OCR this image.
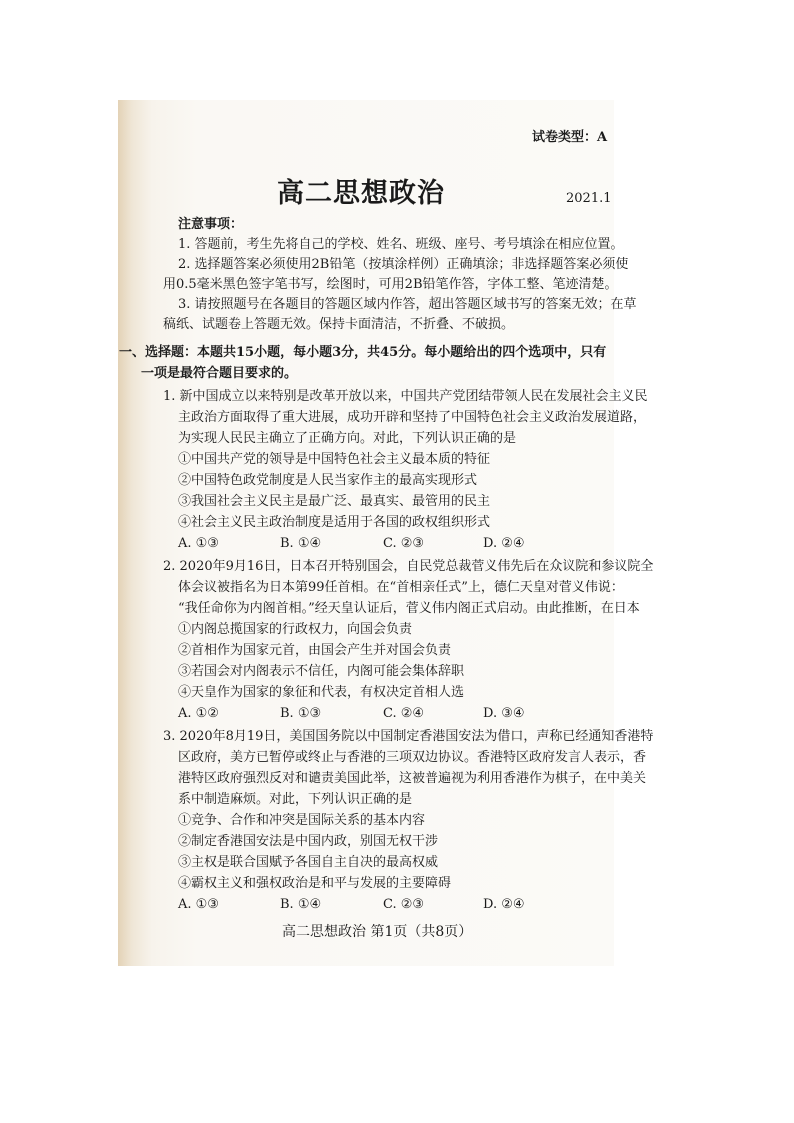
试卷类型：A
高二思想政治	2021.1
注意事项：
1. 答题前，考生先将自己的学校、姓名、班级、座号、考号填涂在相应位置。
2. 选择题答案必须使用2B铅笔（按填涂样例）正确填涂；非选择题答案必须使
用0.5毫米黑色签字笔书写，绘图时，可用2B铅笔作答，字体工整、笔迹清楚。
3. 请按照题号在各题目的答题区域内作答，超出答题区域书写的答案无效；在草
稿纸、试题卷上答题无效。保持卡面清洁，不折叠、不破损。
一、选择题：本题共15小题，每小题3分，共45分。每小题给出的四个选项中，只有
一项是最符合题目要求的。
1. 新中国成立以来特别是改革开放以来，中国共产党团结带领人民在发展社会主义民
主政治方面取得了重大进展，成功开辟和坚持了中国特色社会主义政治发展道路，
为实现人民民主确立了正确方向。对此，下列认识正确的是
①中国共产党的领导是中国特色社会主义最本质的特征
②中国特色政党制度是人民当家作主的最高实现形式
③我国社会主义民主是最广泛、最真实、最管用的民主
④社会主义民主政治制度是适用于各国的政权组织形式
A. ①③	B. ①④	C. ②③	D. ②④
2. 2020年9月16日，日本召开特别国会，自民党总裁菅义伟先后在众议院和参议院全
体会议被指名为日本第99任首相。在“首相亲任式”上，德仁天皇对菅义伟说：
“我任命你为内阁首相。”经天皇认证后，菅义伟内阁正式启动。由此推断，在日本
①内阁总揽国家的行政权力，向国会负责
②首相作为国家元首，由国会产生并对国会负责
③若国会对内阁表示不信任，内阁可能会集体辞职
④天皇作为国家的象征和代表，有权决定首相人选
A. ①②	B. ①③	C. ②④	D. ③④
3. 2020年8月19日，美国国务院以中国制定香港国安法为借口，声称已经通知香港特
区政府，美方已暂停或终止与香港的三项双边协议。香港特区政府发言人表示，香
港特区政府强烈反对和谴责美国此举，这被普遍视为利用香港作为棋子，在中美关
系中制造麻烦。对此，下列认识正确的是
①竞争、合作和冲突是国际关系的基本内容
②制定香港国安法是中国内政，别国无权干涉
③主权是联合国赋予各国自主自决的最高权威
④霸权主义和强权政治是和平与发展的主要障碍
A. ①③	B. ①④	C. ②③	D. ②④
高二思想政治 第1页（共8页）
